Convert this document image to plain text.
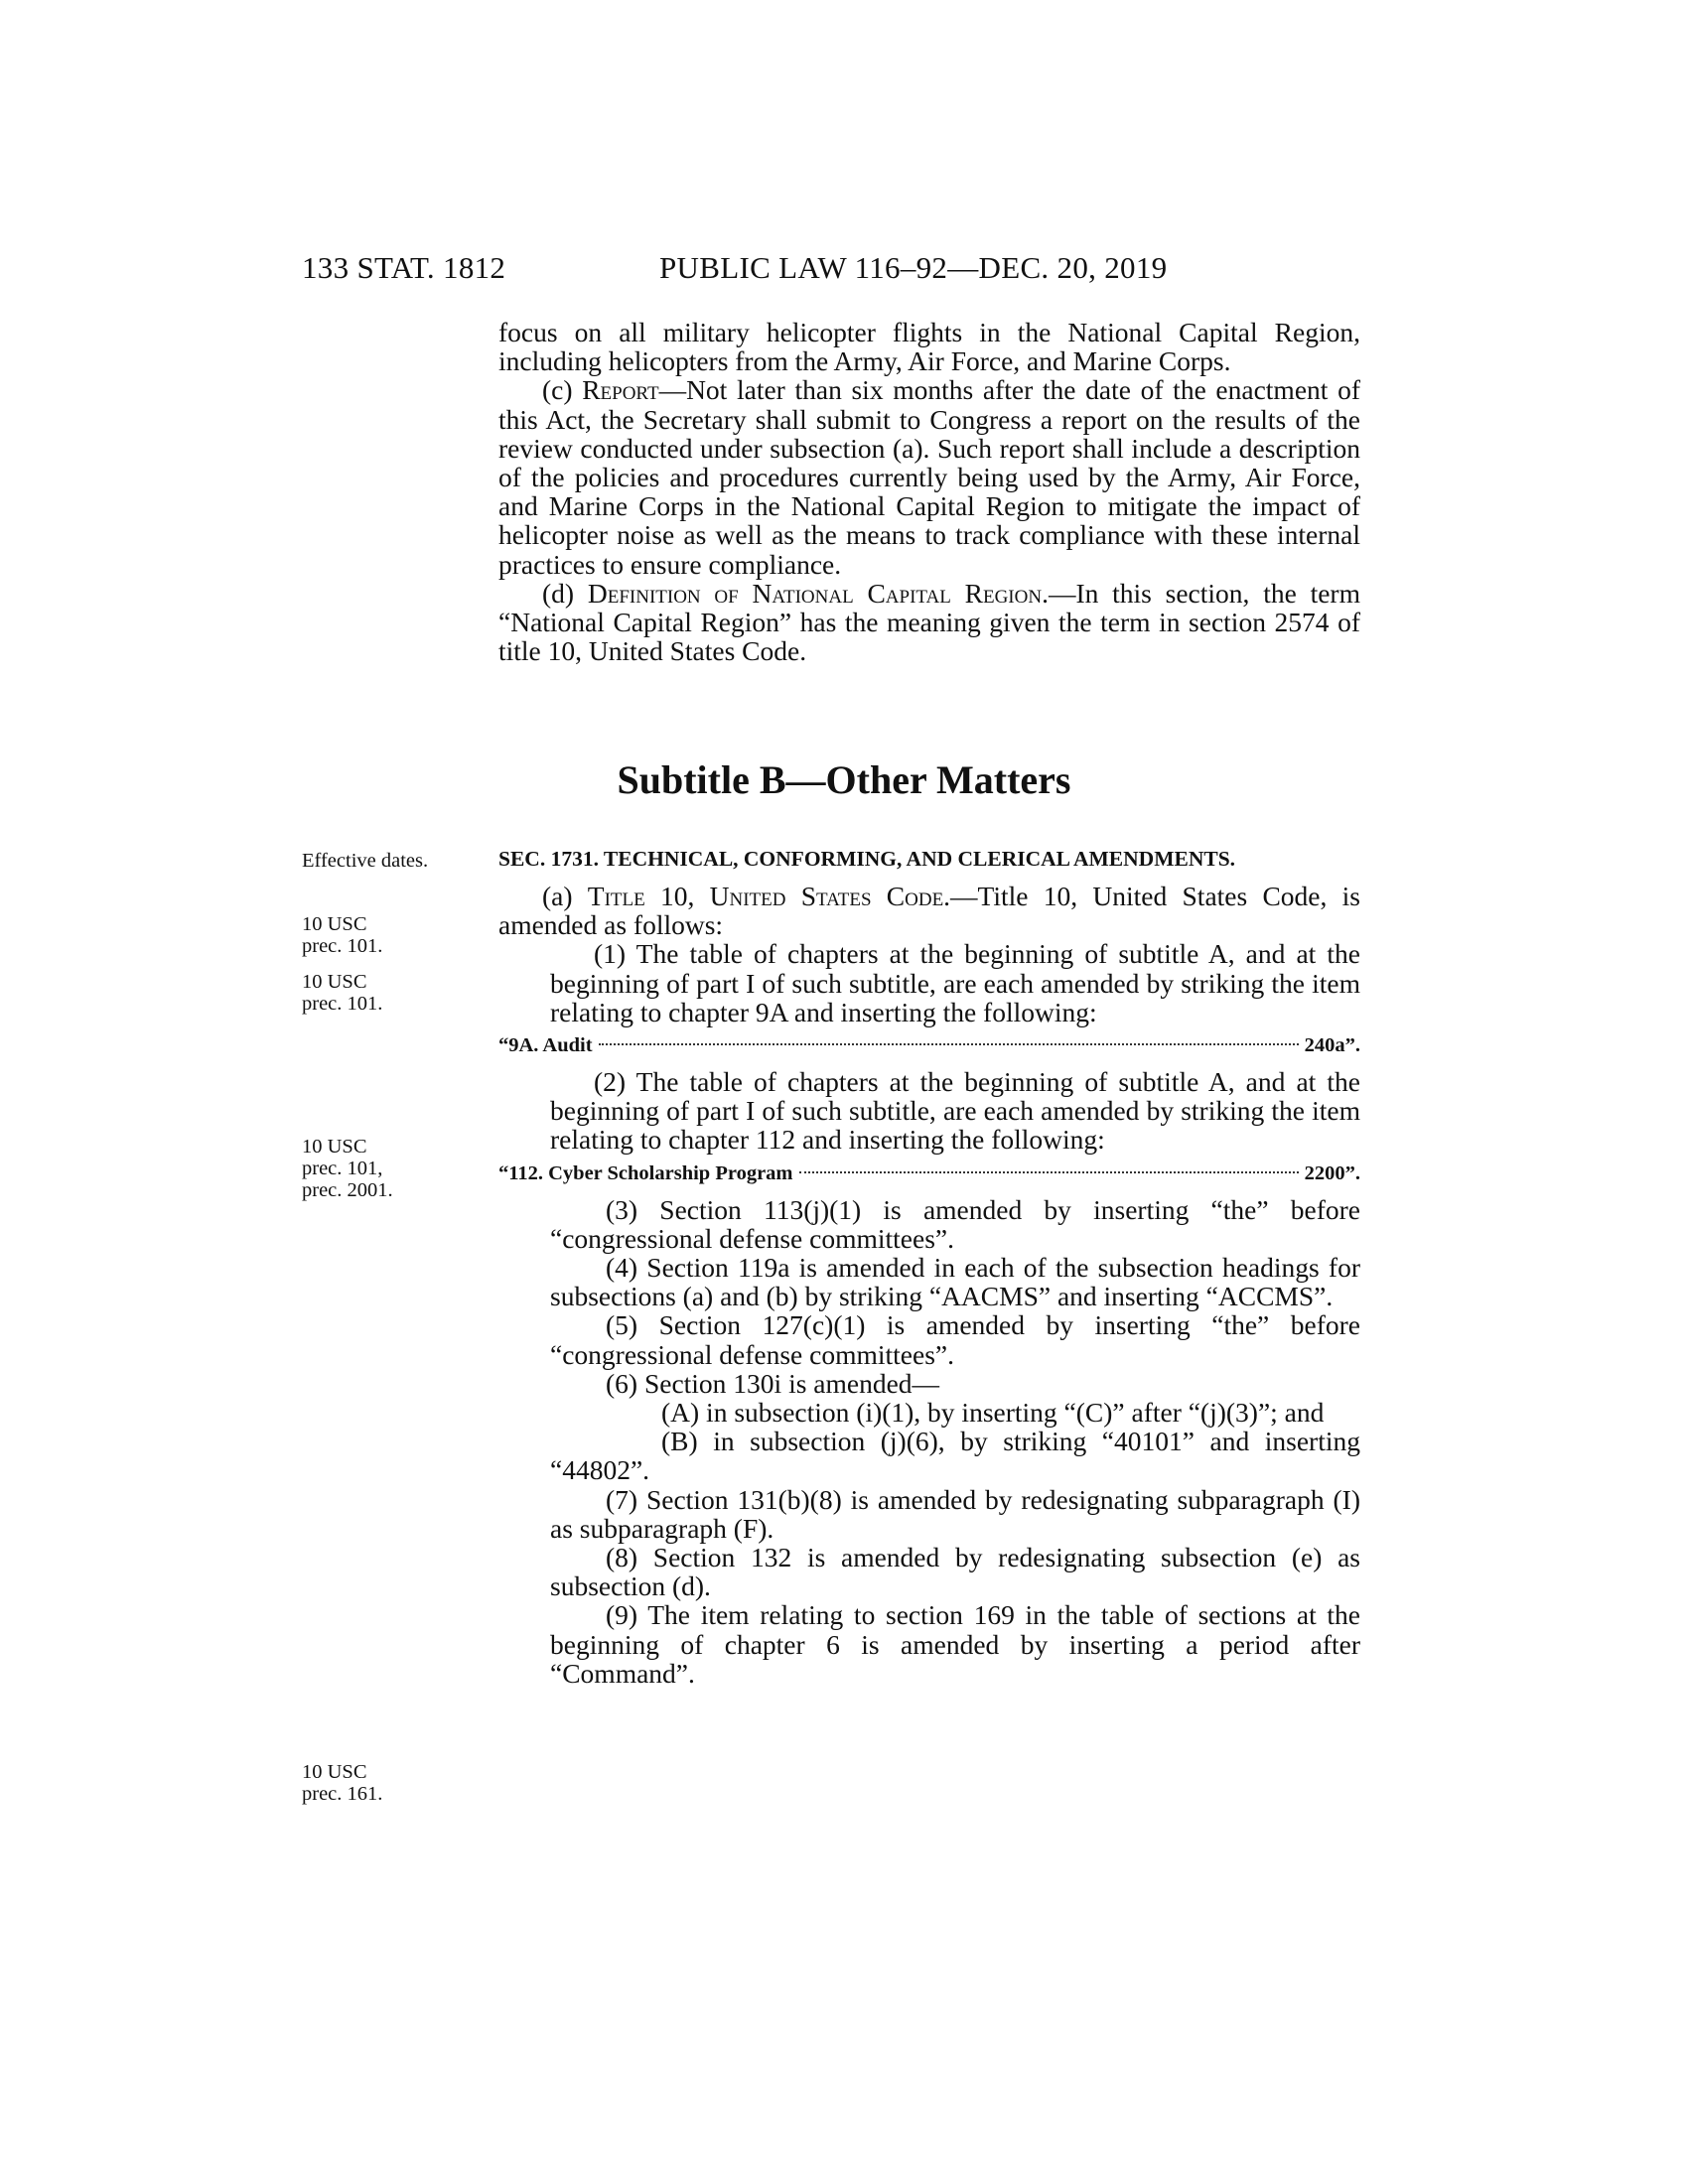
133 STAT. 1812	PUBLIC LAW 116–92—DEC. 20, 2019

focus on all military helicopter flights in the National Capital Region, including helicopters from the Army, Air Force, and Marine Corps.

(c) Report—Not later than six months after the date of the enactment of this Act, the Secretary shall submit to Congress a report on the results of the review conducted under subsection (a). Such report shall include a description of the policies and procedures currently being used by the Army, Air Force, and Marine Corps in the National Capital Region to mitigate the impact of helicopter noise as well as the means to track compliance with these internal practices to ensure compliance.

(d) Definition of National Capital Region.—In this section, the term “National Capital Region” has the meaning given the term in section 2574 of title 10, United States Code.

Subtitle B—Other Matters
SEC. 1731. TECHNICAL, CONFORMING, AND CLERICAL AMENDMENTS.

(a) Title 10, United States Code.—Title 10, United States Code, is amended as follows:

(1) The table of chapters at the beginning of subtitle A, and at the beginning of part I of such subtitle, are each amended by striking the item relating to chapter 9A and inserting the following:

“9A. Audit	240a”.

(2) The table of chapters at the beginning of subtitle A, and at the beginning of part I of such subtitle, are each amended by striking the item relating to chapter 112 and inserting the following:

“112. Cyber Scholarship Program	2200”.

(3) Section 113(j)(1) is amended by inserting “the” before “congressional defense committees”.

(4) Section 119a is amended in each of the subsection headings for subsections (a) and (b) by striking “AACMS” and inserting “ACCMS”.

(5) Section 127(c)(1) is amended by inserting “the” before “congressional defense committees”.

(6) Section 130i is amended—

(A) in subsection (i)(1), by inserting “(C)” after “(j)(3)”; and

(B) in subsection (j)(6), by striking “40101” and inserting “44802”.

(7) Section 131(b)(8) is amended by redesignating subparagraph (I) as subparagraph (F).

(8) Section 132 is amended by redesignating subsection (e) as subsection (d).

(9) The item relating to section 169 in the table of sections at the beginning of chapter 6 is amended by inserting a period after “Command”.

Effective dates.
10 USC
prec. 101.
10 USC
prec. 101.
10 USC
prec. 101,
prec. 2001.
10 USC
prec. 161.
